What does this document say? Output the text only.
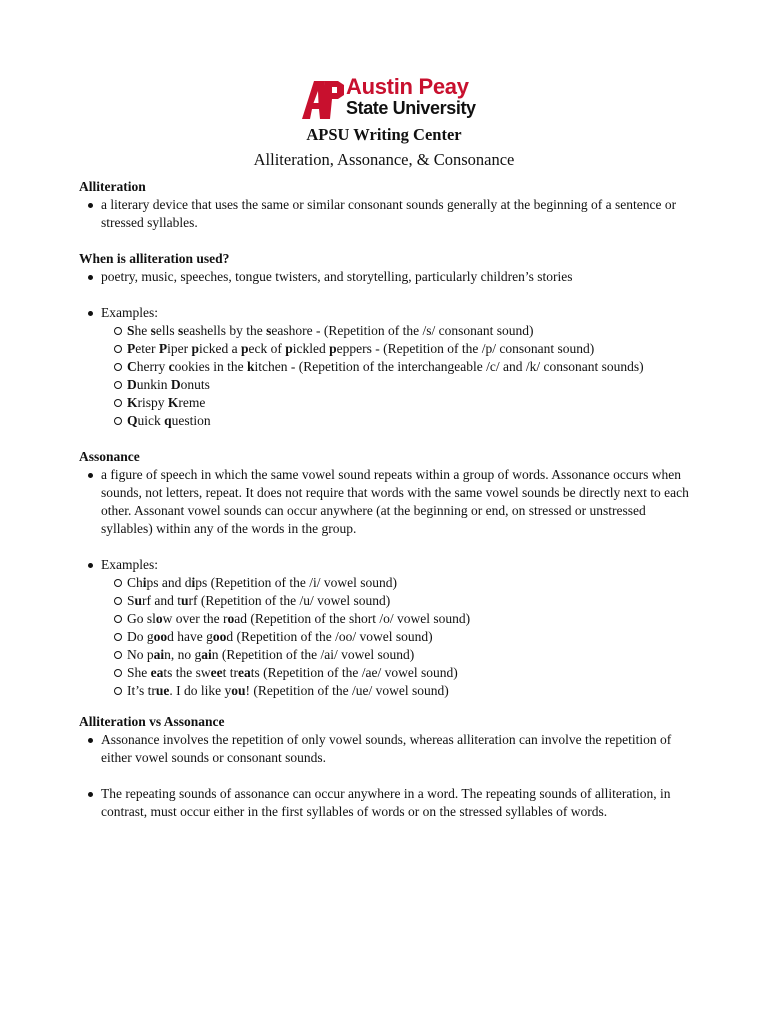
Austin Peay
State University
APSU Writing Center
Alliteration, Assonance, & Consonance

Alliteration

a literary device that uses the same or similar consonant sounds generally at the beginning of a sentence or stressed syllables.

When is alliteration used?

poetry, music, speeches, tongue twisters, and storytelling, particularly children’s stories
Examples:
She sells seashells by the seashore - (Repetition of the /s/ consonant sound)
Peter Piper picked a peck of pickled peppers - (Repetition of the /p/ consonant sound)
Cherry cookies in the kitchen - (Repetition of the interchangeable /c/ and /k/ consonant sounds)
Dunkin Donuts
Krispy Kreme
Quick question

Assonance

a figure of speech in which the same vowel sound repeats within a group of words. Assonance occurs when sounds, not letters, repeat. It does not require that words with the same vowel sounds be directly next to each other. Assonant vowel sounds can occur anywhere (at the beginning or end, on stressed or unstressed syllables) within any of the words in the group.
Examples:
Chips and dips (Repetition of the /i/ vowel sound)
Surf and turf (Repetition of the /u/ vowel sound)
Go slow over the road (Repetition of the short /o/ vowel sound)
Do good have good (Repetition of the /oo/ vowel sound)
No pain, no gain (Repetition of the /ai/ vowel sound)
She eats the sweet treats (Repetition of the /ae/ vowel sound)
It’s true. I do like you! (Repetition of the /ue/ vowel sound)

Alliteration vs Assonance

Assonance involves the repetition of only vowel sounds, whereas alliteration can involve the repetition of either vowel sounds or consonant sounds.
The repeating sounds of assonance can occur anywhere in a word. The repeating sounds of alliteration, in contrast, must occur either in the first syllables of words or on the stressed syllables of words.
